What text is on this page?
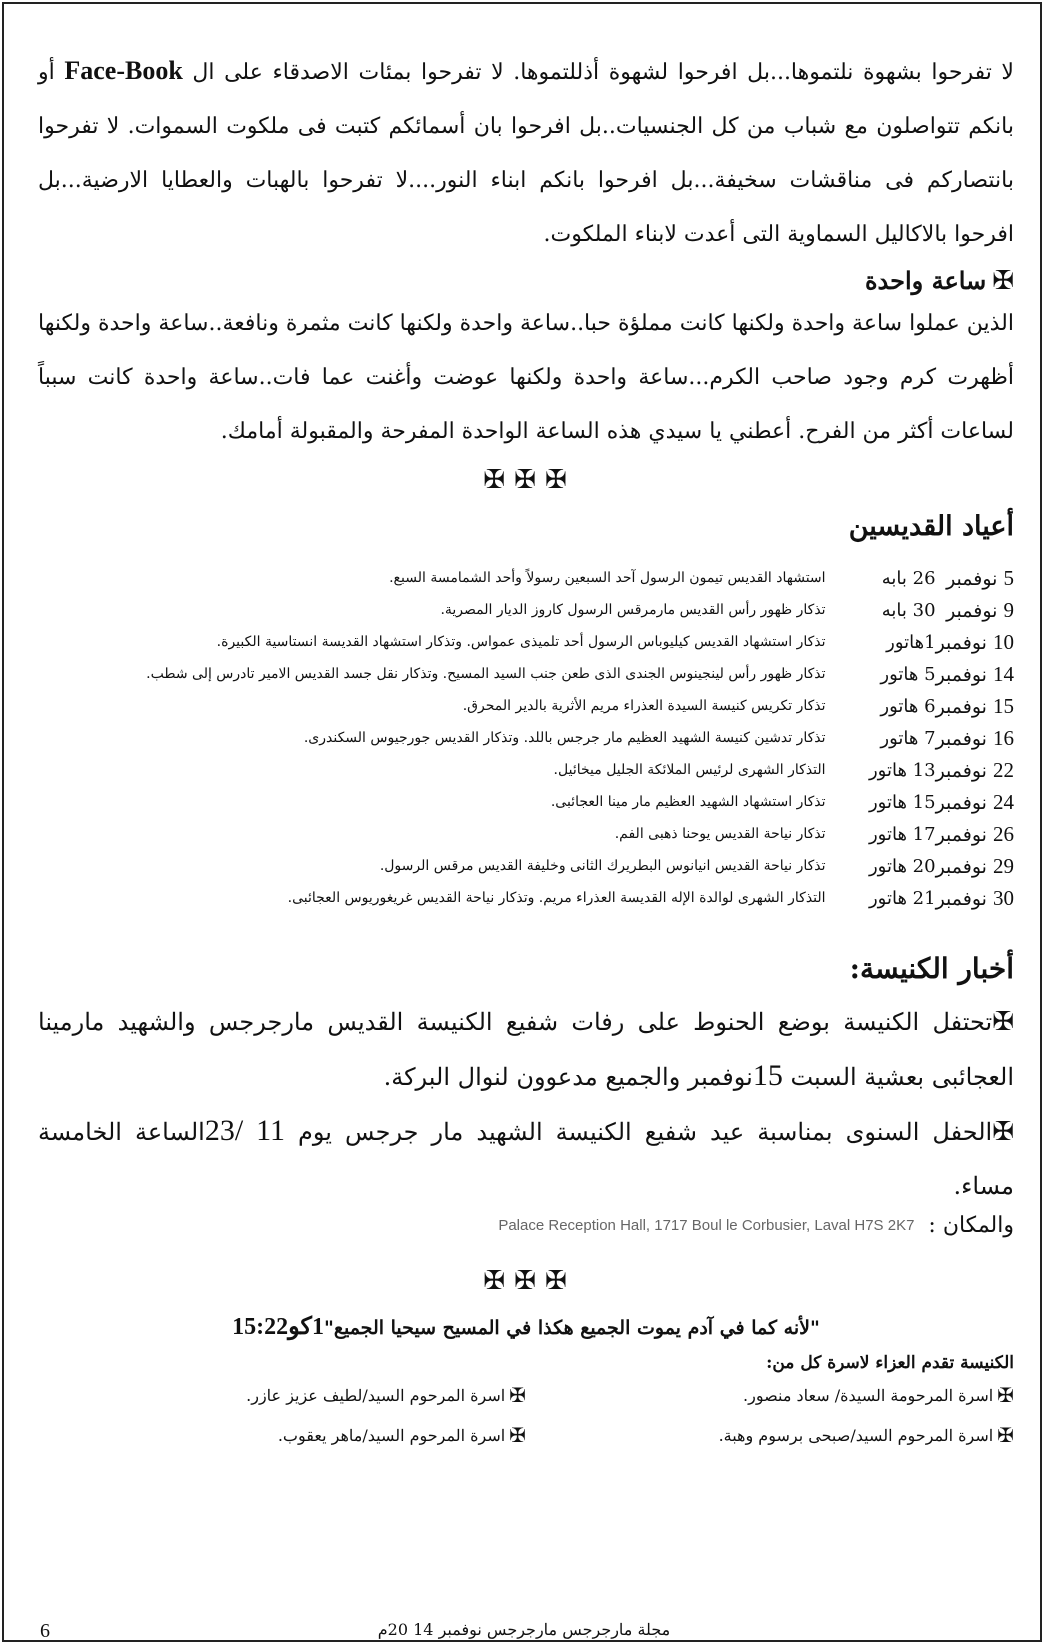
لا تفرحوا بشهوة نلتموها...بل افرحوا لشهوة أذللتموها. لا تفرحوا بمئات الاصدقاء على ال Face-Book أو بانكم تتواصلون مع شباب من كل الجنسيات..بل افرحوا بان أسمائكم كتبت فى ملكوت السموات. لا تفرحوا بانتصاركم فى مناقشات سخيفة...بل افرحوا بانكم ابناء النور....لا تفرحوا بالهبات والعطايا الارضية...بل افرحوا بالاكاليل السماوية التى أعدت لابناء الملكوت.

✠
ساعة واحدة

الذين عملوا ساعة واحدة ولكنها كانت مملؤة حبا..ساعة واحدة ولكنها كانت مثمرة ونافعة..ساعة واحدة ولكنها أظهرت كرم وجود صاحب الكرم...ساعة واحدة ولكنها عوضت وأغنت عما فات..ساعة واحدة كانت سبباً لساعات أكثر من الفرح. أعطني يا سيدي هذه الساعة الواحدة المفرحة والمقبولة أمامك.

✠ ✠ ✠
أعياد القديسين
5 نوفمبر	26 بابه	استشهاد القديس تيمون الرسول آحد السبعين رسولاً وأحد الشمامسة السبع.
9 نوفمبر	30 بابه	تذكار ظهور رأس القديس مارمرقس الرسول كاروز الديار المصرية.
10 نوفمبر	1هاتور	تذكار استشهاد القديس كيليوباس الرسول أحد تلميذى عمواس. وتذكار استشهاد القديسة انستاسية الكبيرة.
14 نوفمبر	5 هاتور	تذكار ظهور رأس لينجينوس الجندى الذى طعن جنب السيد المسيح. وتذكار نقل جسد القديس الامير تادرس إلى شطب.
15 نوفمبر	6 هاتور	تذكار تكريس كنيسة السيدة العذراء مريم الأثرية بالدير المحرق.
16 نوفمبر	7 هاتور	تذكار تدشين كنيسة الشهيد العظيم مار جرجس باللد. وتذكار القديس جورجيوس السكندرى.
22 نوفمبر	13 هاتور	التذكار الشهرى لرئيس الملائكة الجليل ميخائيل.
24 نوفمبر	15 هاتور	تذكار استشهاد الشهيد العظيم مار مينا العجائبى.
26 نوفمبر	17 هاتور	تذكار نياحة القديس يوحنا ذهبى الفم.
29 نوفمبر	20 هاتور	تذكار نياحة القديس انيانوس البطريرك الثانى وخليفة القديس مرقس الرسول.
30 نوفمبر	21 هاتور	التذكار الشهرى لوالدة الإله القديسة العذراء مريم. وتذكار نياحة القديس غريغوريوس العجائبى.
أخبار الكنيسة:

✠تحتفل الكنيسة بوضع الحنوط على رفات شفيع الكنيسة القديس مارجرجس والشهيد مارمينا العجائبى بعشية السبت 15نوفمبر والجميع مدعوون لنوال البركة.

✠الحفل السنوى بمناسبة عيد شفيع الكنيسة الشهيد مار جرجس يوم 23/ 11الساعة الخامسة مساء.

والمكان :
Palace Reception Hall, 1717 Boul le Corbusier, Laval H7S 2K7
✠ ✠ ✠
"لأنه كما في آدم يموت الجميع هكذا في المسيح سيحيا الجميع"1كو15:22
الكنيسة تقدم العزاء لاسرة كل من:
✠
اسرة المرحومة السيدة/ سعاد منصور.
✠
اسرة المرحوم السيد/لطيف عزيز عازر.
✠
اسرة المرحوم السيد/صبحى برسوم وهبة.
✠
اسرة المرحوم السيد/ماهر يعقوب.
مجلة مارجرجس مارجرجس نوفمبر 14 20م
6
